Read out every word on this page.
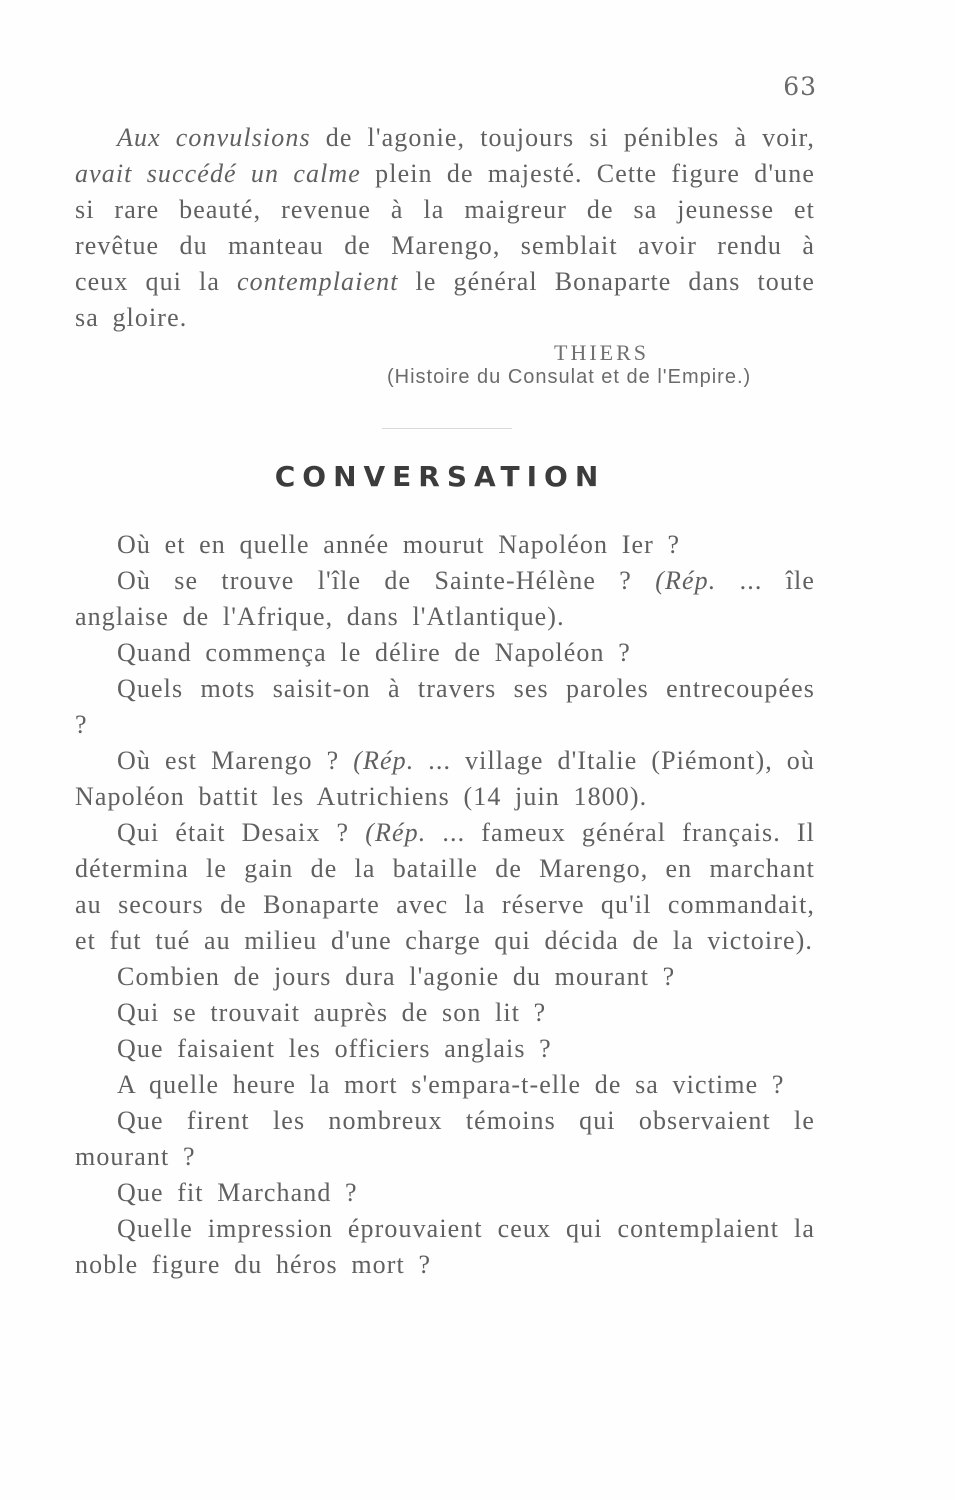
63

Aux convulsions de l'agonie, toujours si pénibles à voir, avait succédé un calme plein de majesté. Cette figure d'une si rare beauté, revenue à la maigreur de sa jeunesse et revêtue du manteau de Marengo, semblait avoir rendu à ceux qui la contemplaient le général Bonaparte dans toute sa gloire.

THIERS
(Histoire du Consulat et de l'Empire.)
CONVERSATION

Où et en quelle année mourut Napoléon Ier ?

Où se trouve l'île de Sainte-Hélène ? (Rép. ... île anglaise de l'Afrique, dans l'Atlantique).

Quand commença le délire de Napoléon ?

Quels mots saisit-on à travers ses paroles entrecoupées ?

Où est Marengo ? (Rép. ... village d'Italie (Piémont), où Napoléon battit les Autrichiens (14 juin 1800).

Qui était Desaix ? (Rép. ... fameux général français. Il détermina le gain de la bataille de Marengo, en marchant au secours de Bonaparte avec la réserve qu'il commandait, et fut tué au milieu d'une charge qui décida de la victoire).

Combien de jours dura l'agonie du mourant ?

Qui se trouvait auprès de son lit ?

Que faisaient les officiers anglais ?

A quelle heure la mort s'empara-t-elle de sa victime ?

Que firent les nombreux témoins qui observaient le mourant ?

Que fit Marchand ?

Quelle impression éprouvaient ceux qui contemplaient la noble figure du héros mort ?
